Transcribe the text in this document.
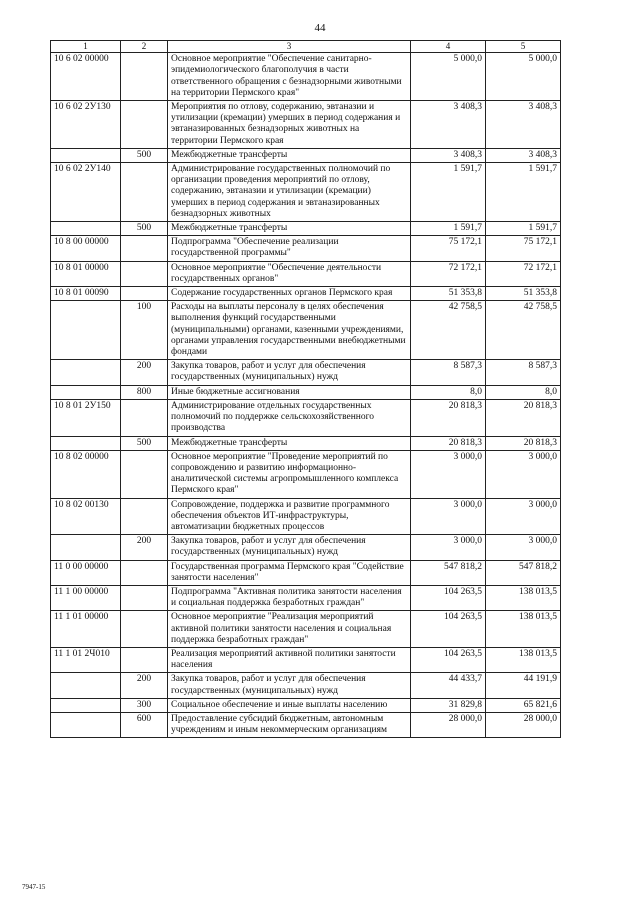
44
1	2	3	4	5
10 6 02 00000		Основное мероприятие "Обеспечение санитарно-эпидемиологического благополучия в части ответственного обращения с безнадзорными животными на территории Пермского края"	5 000,0	5 000,0
10 6 02 2У130		Мероприятия по отлову, содержанию, эвтаназии и утилизации (кремации) умерших в период содержания и эвтаназированных безнадзорных животных на территории Пермского края	3 408,3	3 408,3
	500	Межбюджетные трансферты	3 408,3	3 408,3
10 6 02 2У140		Администрирование государственных полномочий по организации проведения мероприятий по отлову, содержанию, эвтаназии и утилизации (кремации) умерших в период содержания и эвтаназированных безнадзорных животных	1 591,7	1 591,7
	500	Межбюджетные трансферты	1 591,7	1 591,7
10 8 00 00000		Подпрограмма "Обеспечение реализации государственной программы"	75 172,1	75 172,1
10 8 01 00000		Основное мероприятие "Обеспечение деятельности государственных органов"	72 172,1	72 172,1
10 8 01 00090		Содержание государственных органов Пермского края	51 353,8	51 353,8
	100	Расходы на выплаты персоналу в целях обеспечения выполнения функций государственными (муниципальными) органами, казенными учреждениями, органами управления государственными внебюджетными фондами	42 758,5	42 758,5
	200	Закупка товаров, работ и услуг для обеспечения государственных (муниципальных) нужд	8 587,3	8 587,3
	800	Иные бюджетные ассигнования	8,0	8,0
10 8 01 2У150		Администрирование отдельных государственных полномочий по поддержке сельскохозяйственного производства	20 818,3	20 818,3
	500	Межбюджетные трансферты	20 818,3	20 818,3
10 8 02 00000		Основное мероприятие "Проведение мероприятий по сопровождению и развитию информационно-аналитической системы агропромышленного комплекса Пермского края"	3 000,0	3 000,0
10 8 02 00130		Сопровождение, поддержка и развитие программного обеспечения объектов ИТ-инфраструктуры, автоматизации бюджетных процессов	3 000,0	3 000,0
	200	Закупка товаров, работ и услуг для обеспечения государственных (муниципальных) нужд	3 000,0	3 000,0
11 0 00 00000		Государственная программа Пермского края "Содействие занятости населения"	547 818,2	547 818,2
11 1 00 00000		Подпрограмма "Активная политика занятости населения и социальная поддержка безработных граждан"	104 263,5	138 013,5
11 1 01 00000		Основное мероприятие "Реализация мероприятий активной политики занятости населения и социальная поддержка безработных граждан"	104 263,5	138 013,5
11 1 01 2Ч010		Реализация мероприятий активной политики занятости населения	104 263,5	138 013,5
	200	Закупка товаров, работ и услуг для обеспечения государственных (муниципальных) нужд	44 433,7	44 191,9
	300	Социальное обеспечение и иные выплаты населению	31 829,8	65 821,6
	600	Предоставление субсидий бюджетным, автономным учреждениям и иным некоммерческим организациям	28 000,0	28 000,0
7947-15
